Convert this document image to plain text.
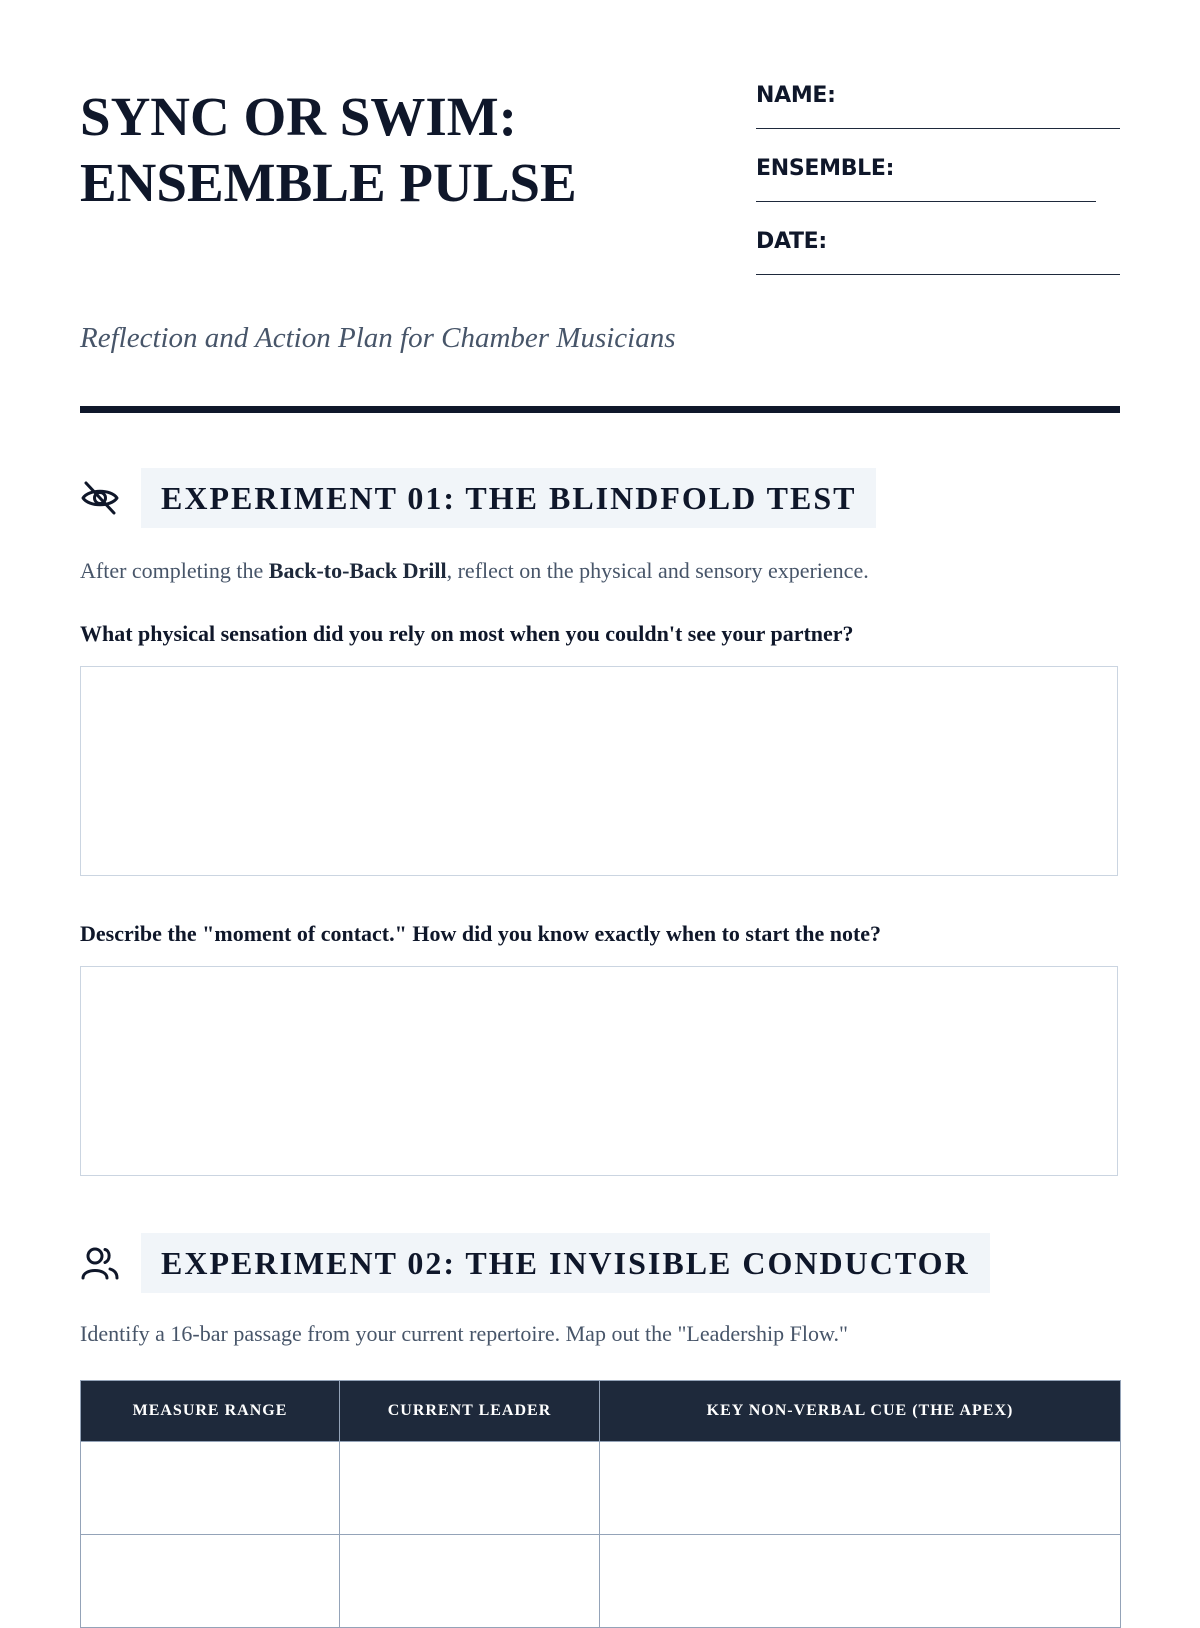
SYNC OR SWIM:
ENSEMBLE PULSE
NAME:
ENSEMBLE:
DATE:

Reflection and Action Plan for Chamber Musicians

EXPERIMENT 01: THE BLINDFOLD TEST

After completing the Back-to-Back Drill, reflect on the physical and sensory experience.

What physical sensation did you rely on most when you couldn't see your partner?

Describe the "moment of contact." How did you know exactly when to start the note?

EXPERIMENT 02: THE INVISIBLE CONDUCTOR

Identify a 16-bar passage from your current repertoire. Map out the "Leadership Flow."

MEASURE RANGE	CURRENT LEADER	KEY NON-VERBAL CUE (THE APEX)
